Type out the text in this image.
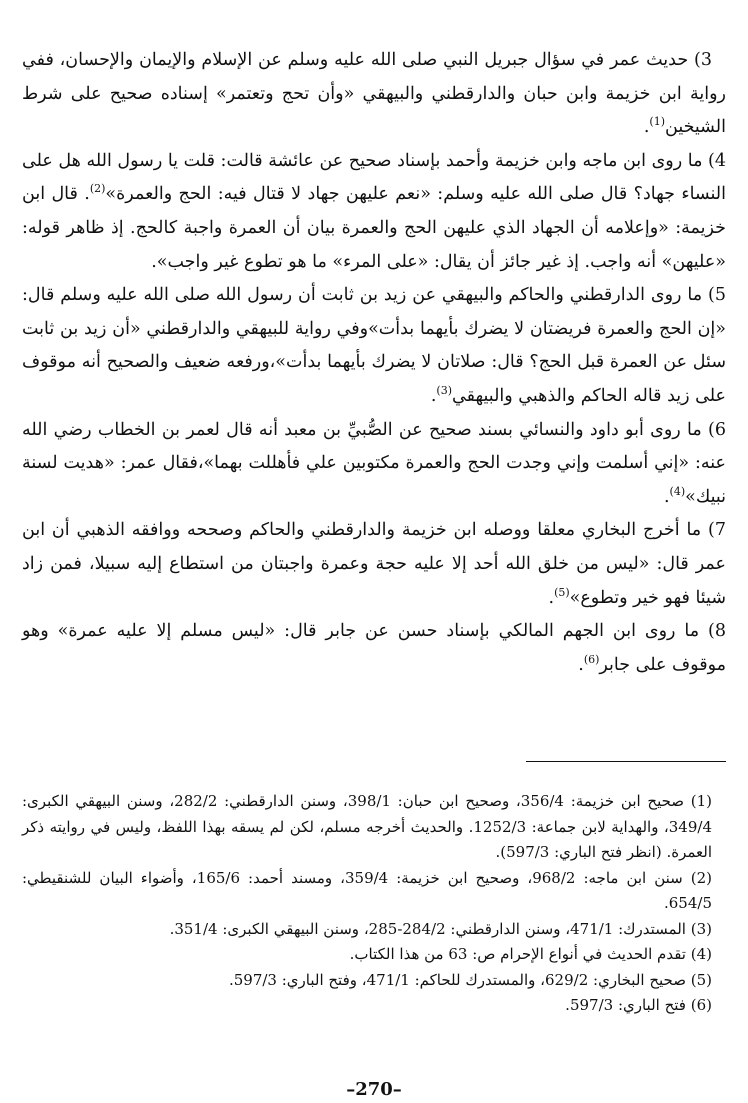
3) حديث عمر في سؤال جبريل النبي صلى الله عليه وسلم عن الإسلام والإيمان والإحسان، ففي رواية ابن خزيمة وابن حبان والدارقطني والبيهقي «وأن تحج وتعتمر» إسناده صحيح على شرط الشيخين$^{(1)}$.

4) ما روى ابن ماجه وابن خزيمة وأحمد بإسناد صحيح عن عائشة قالت: قلت يا رسول الله هل على النساء جهاد؟ قال صلى الله عليه وسلم: «نعم عليهن جهاد لا قتال فيه: الحج والعمرة»$^{(2)}$. قال ابن خزيمة: «وإعلامه أن الجهاد الذي عليهن الحج والعمرة بيان أن العمرة واجبة كالحج. إذ ظاهر قوله: «عليهن» أنه واجب. إذ غير جائز أن يقال: «على المرء» ما هو تطوع غير واجب».

5) ما روى الدارقطني والحاكم والبيهقي عن زيد بن ثابت أن رسول الله صلى الله عليه وسلم قال: «إن الحج والعمرة فريضتان لا يضرك بأيهما بدأت»وفي رواية للبيهقي والدارقطني «أن زيد بن ثابت سئل عن العمرة قبل الحج؟ قال: صلاتان لا يضرك بأيهما بدأت»،ورفعه ضعيف والصحيح أنه موقوف على زيد قاله الحاكم والذهبي والبيهقي$^{(3)}$.

6) ما روى أبو داود والنسائي بسند صحيح عن الصُّبيِّ بن معبد أنه قال لعمر بن الخطاب رضي الله عنه: «إني أسلمت وإني وجدت الحج والعمرة مكتوبين علي فأهللت بهما»،فقال عمر: «هديت لسنة نبيك»$^{(4)}$.

7) ما أخرج البخاري معلقا ووصله ابن خزيمة والدارقطني والحاكم وصححه ووافقه الذهبي أن ابن عمر قال: «ليس من خلق الله أحد إلا عليه حجة وعمرة واجبتان من استطاع إليه سبيلا، فمن زاد شيئا فهو خير وتطوع»$^{(5)}$.

8) ما روى ابن الجهم المالكي بإسناد حسن عن جابر قال: «ليس مسلم إلا عليه عمرة» وهو موقوف على جابر$^{(6)}$.

(1) صحيح ابن خزيمة: 356/4، وصحيح ابن حبان: 398/1، وسنن الدارقطني: 282/2، وسنن البيهقي الكبرى: 349/4، والهداية لابن جماعة: 1252/3. والحديث أخرجه مسلم، لكن لم يسقه بهذا اللفظ، وليس في روايته ذكر العمرة. (انظر فتح الباري: 597/3).

(2) سنن ابن ماجه: 968/2، وصحيح ابن خزيمة: 359/4، ومسند أحمد: 165/6، وأضواء البيان للشنقيطي: 654/5.

(3) المستدرك: 471/1، وسنن الدارقطني: 284/2-285، وسنن البيهقي الكبرى: 351/4.

(4) تقدم الحديث في أنواع الإحرام ص: 63 من هذا الكتاب.

(5) صحيح البخاري: 629/2، والمستدرك للحاكم: 471/1، وفتح الباري: 597/3.

(6) فتح الباري: 597/3.

–270–
